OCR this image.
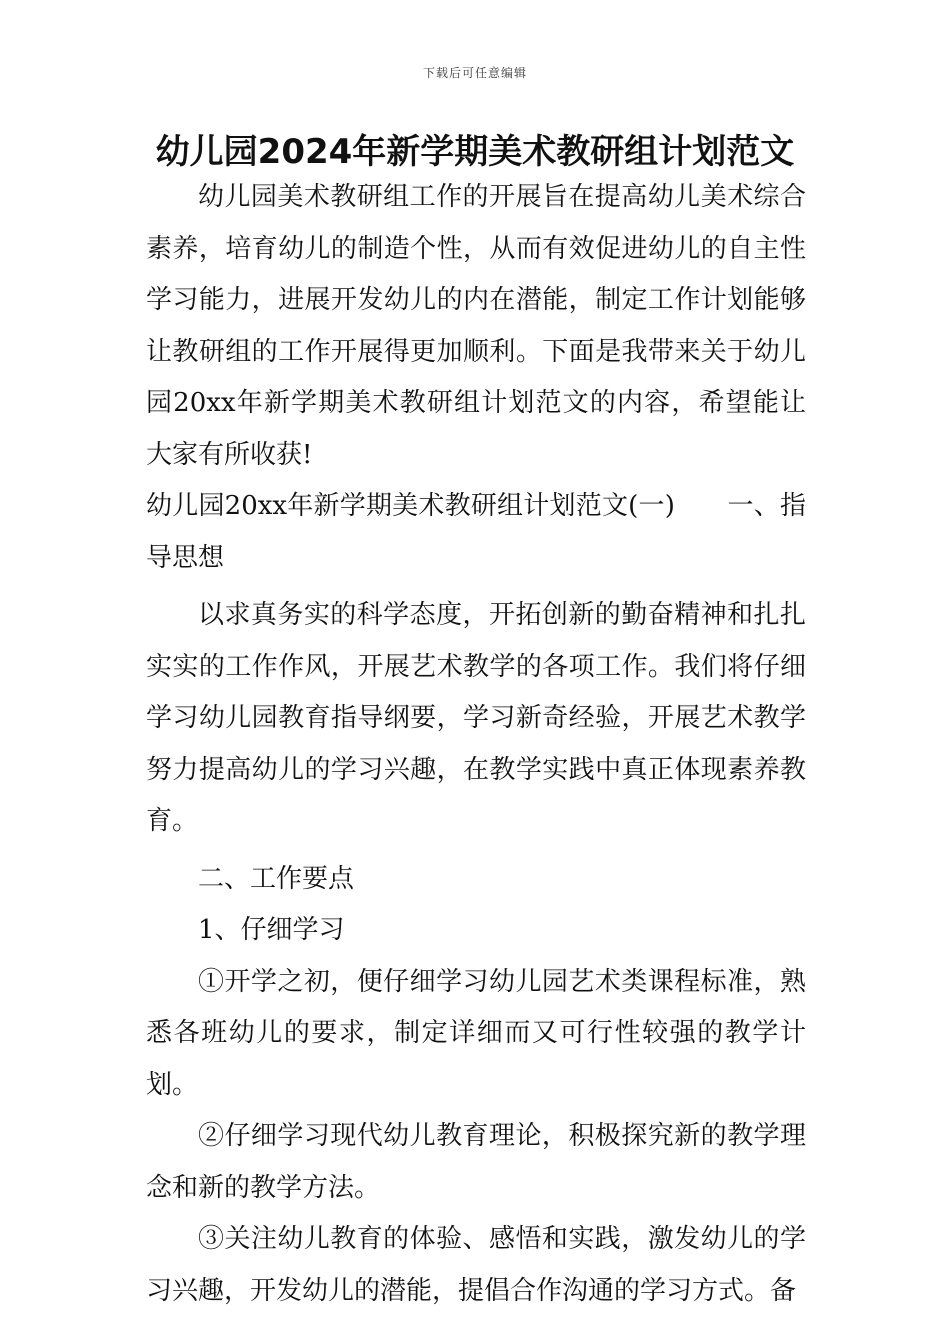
下载后可任意编辑
幼儿园2024年新学期美术教研组计划范文

幼儿园美术教研组工作的开展旨在提高幼儿美术综合素养，培育幼儿的制造个性，从而有效促进幼儿的自主性学习能力，进展开发幼儿的内在潜能，制定工作计划能够让教研组的工作开展得更加顺利。下面是我带来关于幼儿园20xx年新学期美术教研组计划范文的内容，希望能让大家有所收获!

幼儿园20xx年新学期美术教研组计划范文(一)　　一、指导思想

以求真务实的科学态度，开拓创新的勤奋精神和扎扎实实的工作作风，开展艺术教学的各项工作。我们将仔细学习幼儿园教育指导纲要，学习新奇经验，开展艺术教学努力提高幼儿的学习兴趣，在教学实践中真正体现素养教育。

二、工作要点

1、仔细学习

①开学之初，便仔细学习幼儿园艺术类课程标准，熟悉各班幼儿的要求，制定详细而又可行性较强的教学计划。

②仔细学习现代幼儿教育理论，积极探究新的教学理念和新的教学方法。

③关注幼儿教育的体验、感悟和实践，激发幼儿的学习兴趣，开发幼儿的潜能，提倡合作沟通的学习方式。备
